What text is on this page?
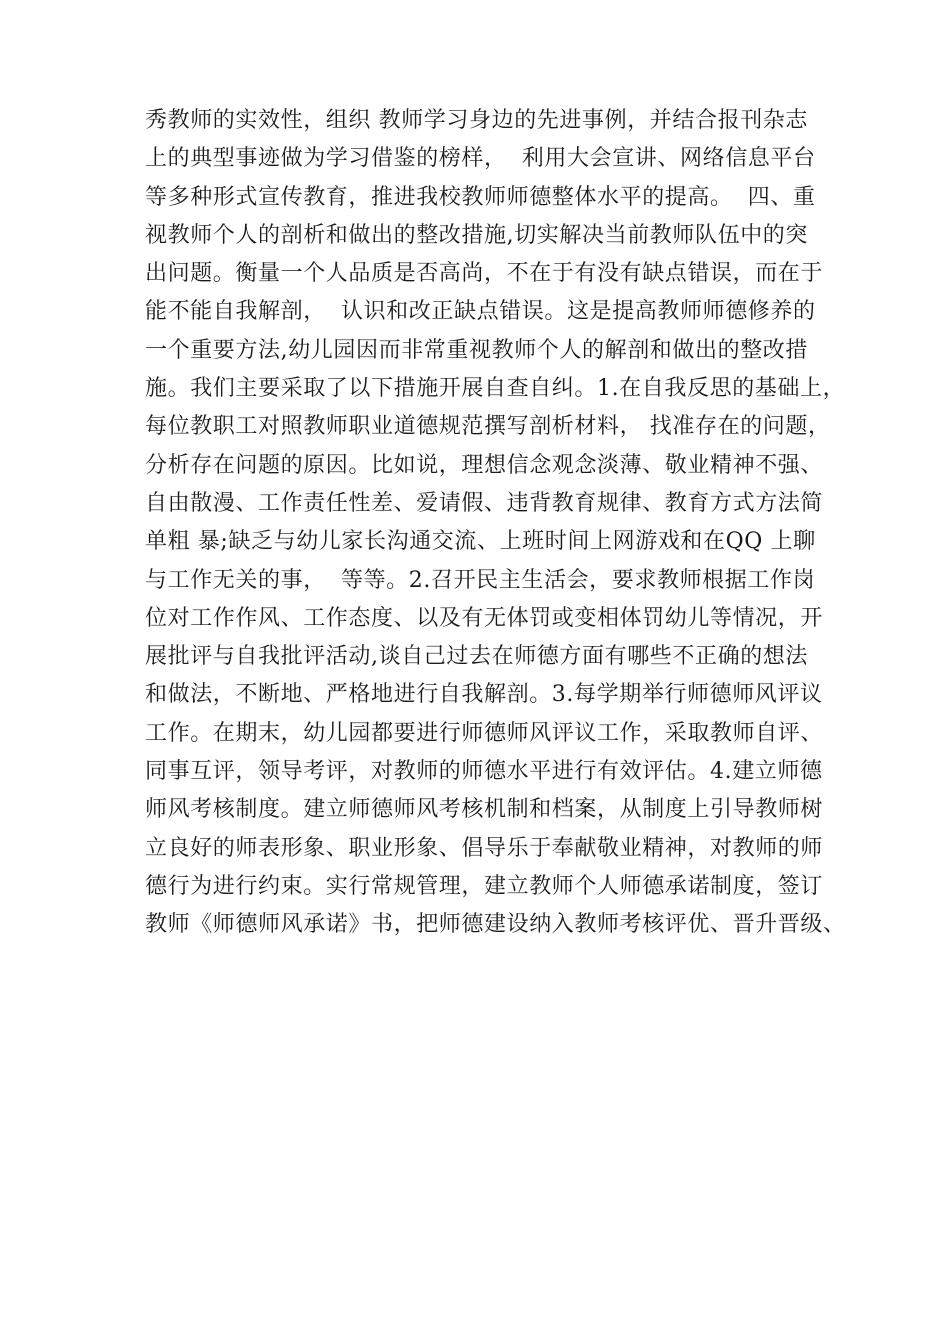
秀教师的实效性，组织 教师学习身边的先进事例，并结合报刊杂志
上的典型事迹做为学习借鉴的榜样，  利用大会宣讲、网络信息平台
等多种形式宣传教育，推进我校教师师德整体水平的提高。  四、重
视教师个人的剖析和做出的整改措施,切实解决当前教师队伍中的突
出问题。衡量一个人品质是否高尚，不在于有没有缺点错误，而在于
能不能自我解剖，  认识和改正缺点错误。这是提高教师师德修养的
一个重要方法,幼儿园因而非常重视教师个人的解剖和做出的整改措
施。我们主要采取了以下措施开展自查自纠。1.在自我反思的基础上，
每位教职工对照教师职业道德规范撰写剖析材料， 找准存在的问题，
分析存在问题的原因。比如说，理想信念观念淡薄、敬业精神不强、
自由散漫、工作责任性差、爱请假、违背教育规律、教育方式方法简
单粗 暴;缺乏与幼儿家长沟通交流、上班时间上网游戏和在QQ 上聊
与工作无关的事，  等等。2.召开民主生活会，要求教师根据工作岗
位对工作作风、工作态度、以及有无体罚或变相体罚幼儿等情况，开
展批评与自我批评活动,谈自己过去在师德方面有哪些不正确的想法
和做法，不断地、严格地进行自我解剖。3.每学期举行师德师风评议
工作。在期末，幼儿园都要进行师德师风评议工作，采取教师自评、
同事互评，领导考评，对教师的师德水平进行有效评估。4.建立师德
师风考核制度。建立师德师风考核机制和档案，从制度上引导教师树
立良好的师表形象、职业形象、倡导乐于奉献敬业精神，对教师的师
德行为进行约束。实行常规管理，建立教师个人师德承诺制度，签订
教师《师德师风承诺》书，把师德建设纳入教师考核评优、晋升晋级、
